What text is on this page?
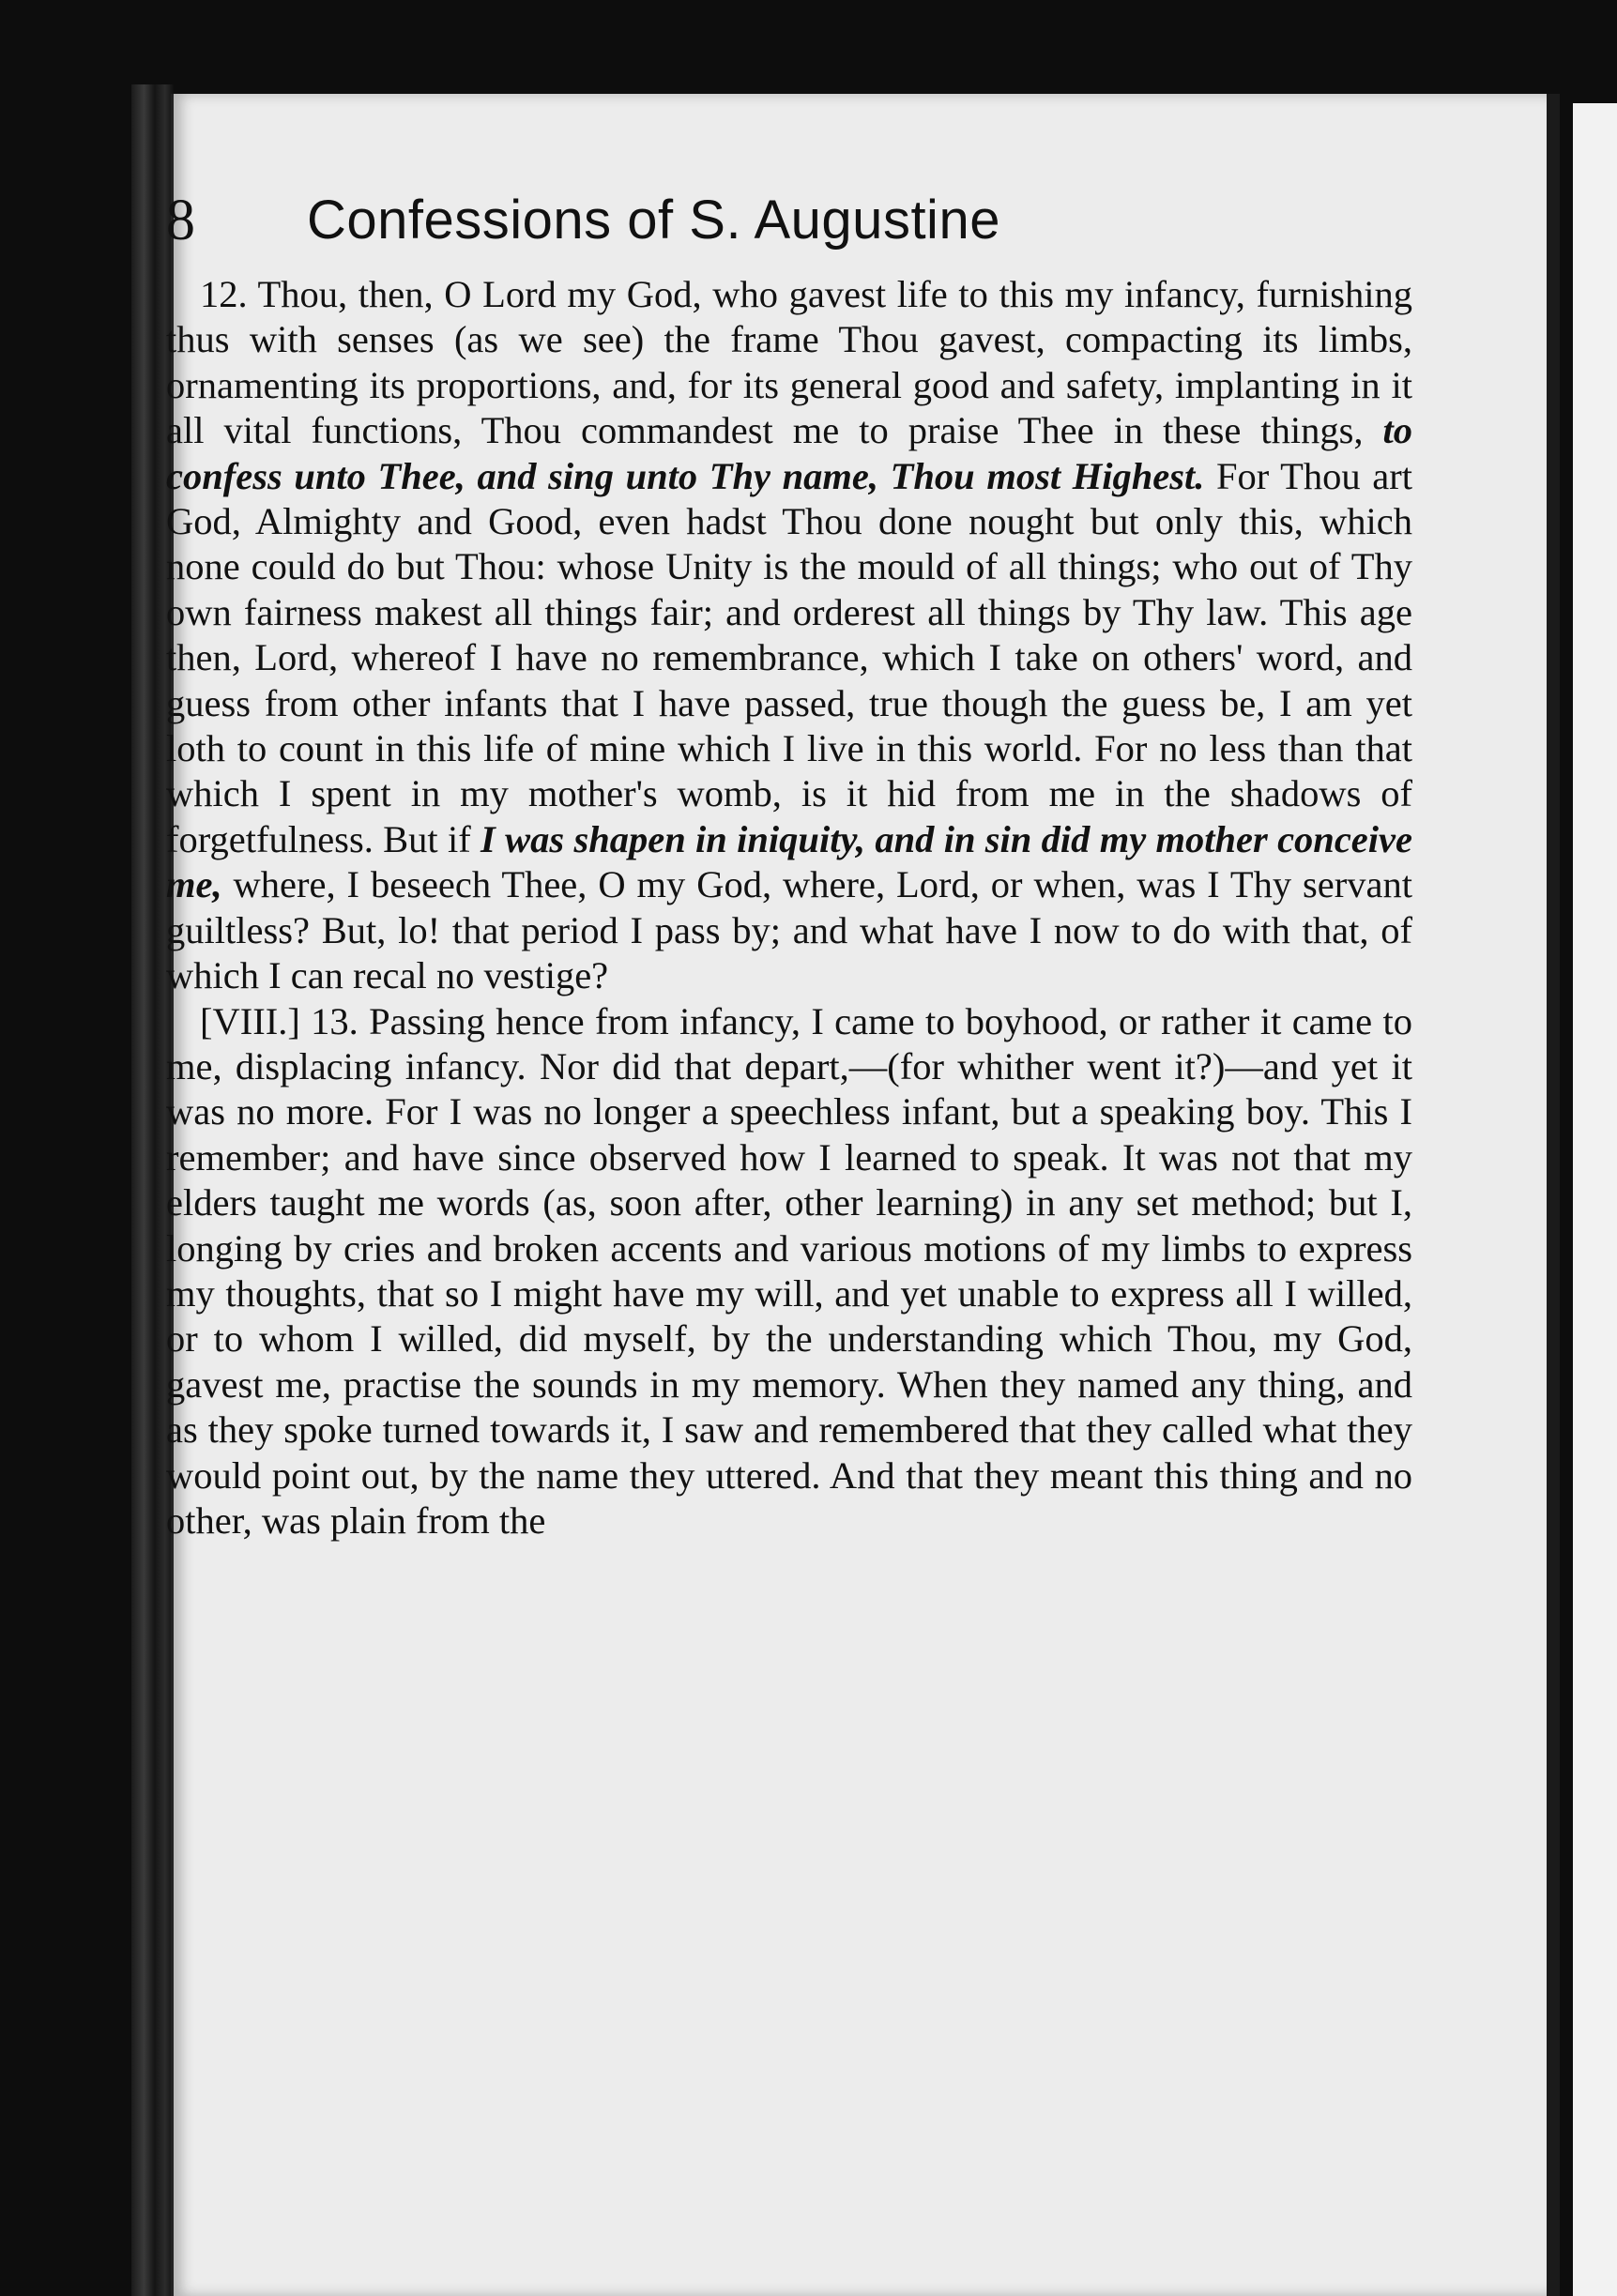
8 Confessions of S. Augustine

12. Thou, then, O Lord my God, who gavest life to this my infancy, furnishing thus with senses (as we see) the frame Thou gavest, compacting its limbs, ornamenting its proportions, and, for its general good and safety, implanting in it all vital functions, Thou commandest me to praise Thee in these things, to confess unto Thee, and sing unto Thy name, Thou most Highest. For Thou art God, Almighty and Good, even hadst Thou done nought but only this, which none could do but Thou: whose Unity is the mould of all things; who out of Thy own fairness makest all things fair; and orderest all things by Thy law. This age then, Lord, whereof I have no remembrance, which I take on others' word, and guess from other infants that I have passed, true though the guess be, I am yet loth to count in this life of mine which I live in this world. For no less than that which I spent in my mother's womb, is it hid from me in the shadows of forgetfulness. But if I was shapen in iniquity, and in sin did my mother conceive me, where, I beseech Thee, O my God, where, Lord, or when, was I Thy servant guiltless? But, lo! that period I pass by; and what have I now to do with that, of which I can recal no vestige?

[VIII.] 13. Passing hence from infancy, I came to boyhood, or rather it came to me, displacing infancy. Nor did that depart,—(for whither went it?)—and yet it was no more. For I was no longer a speechless infant, but a speaking boy. This I remember; and have since observed how I learned to speak. It was not that my elders taught me words (as, soon after, other learning) in any set method; but I, longing by cries and broken accents and various motions of my limbs to express my thoughts, that so I might have my will, and yet unable to express all I willed, or to whom I willed, did myself, by the understanding which Thou, my God, gavest me, practise the sounds in my memory. When they named any thing, and as they spoke turned towards it, I saw and remembered that they called what they would point out, by the name they uttered. And that they meant this thing and no other, was plain from the
